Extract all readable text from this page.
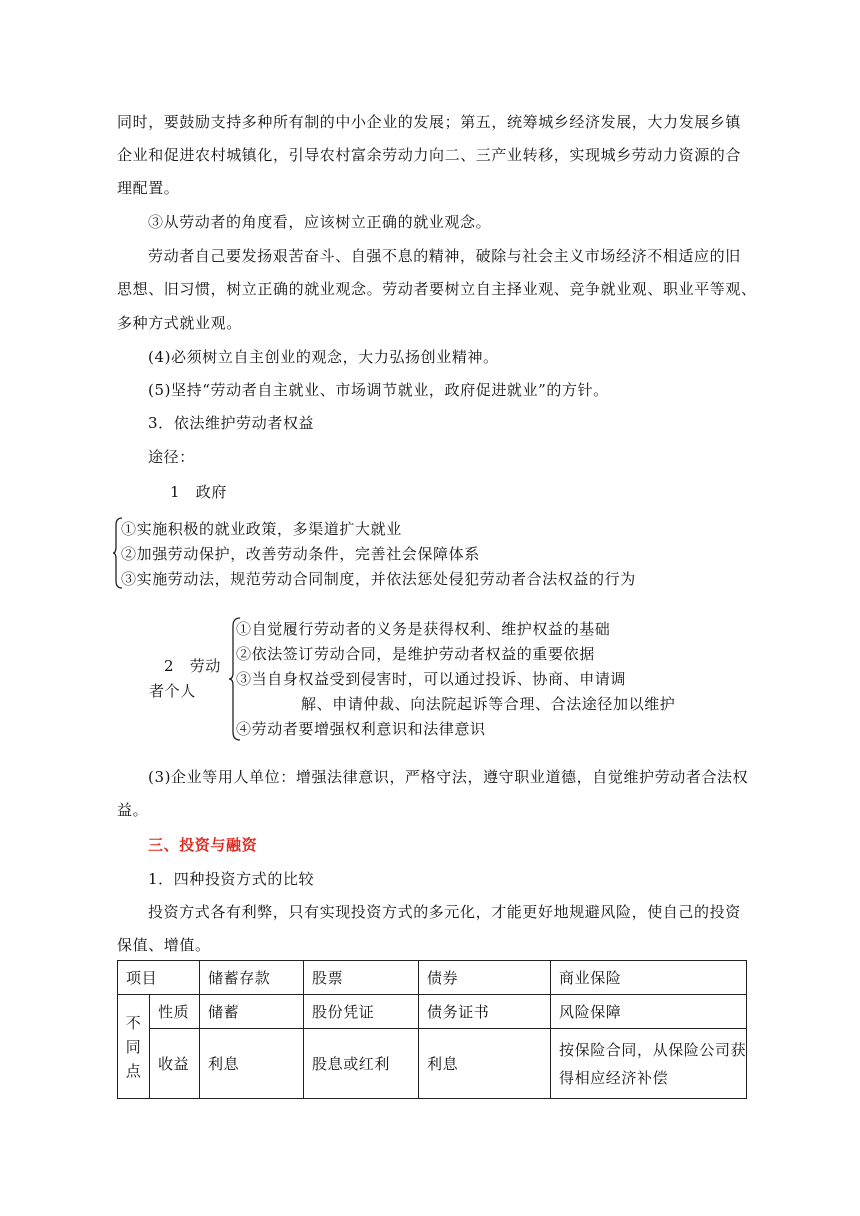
同时，要鼓励支持多种所有制的中小企业的发展；第五，统筹城乡经济发展，大力发展乡镇
企业和促进农村城镇化，引导农村富余劳动力向二、三产业转移，实现城乡劳动力资源的合
理配置。
③从劳动者的角度看，应该树立正确的就业观念。
劳动者自己要发扬艰苦奋斗、自强不息的精神，破除与社会主义市场经济不相适应的旧
思想、旧习惯，树立正确的就业观念。劳动者要树立自主择业观、竞争就业观、职业平等观、
多种方式就业观。
(4)必须树立自主创业的观念，大力弘扬创业精神。
(5)坚持“劳动者自主就业、市场调节就业，政府促进就业”的方针。
3．依法维护劳动者权益
途径：
1　政府
①实施积极的就业政策，多渠道扩大就业
②加强劳动保护，改善劳动条件，完善社会保障体系
③实施劳动法，规范劳动合同制度，并依法惩处侵犯劳动者合法权益的行为
2　劳动
者个人
①自觉履行劳动者的义务是获得权利、维护权益的基础
②依法签订劳动合同，是维护劳动者权益的重要依据
③当自身权益受到侵害时，可以通过投诉、协商、申请调
解、申请仲裁、向法院起诉等合理、合法途径加以维护
④劳动者要增强权利意识和法律意识
(3)企业等用人单位：增强法律意识，严格守法，遵守职业道德，自觉维护劳动者合法权
益。
三、投资与融资
1．四种投资方式的比较
投资方式各有利弊，只有实现投资方式的多元化，才能更好地规避风险，使自己的投资
保值、增值。
项目		储蓄存款	股票	债券	商业保险

不
同
点	性质	储蓄	股份凭证	债务证书	风险保障
	收益	利息	股息或红利	利息	按保险合同，从保险公司获
得相应经济补偿
